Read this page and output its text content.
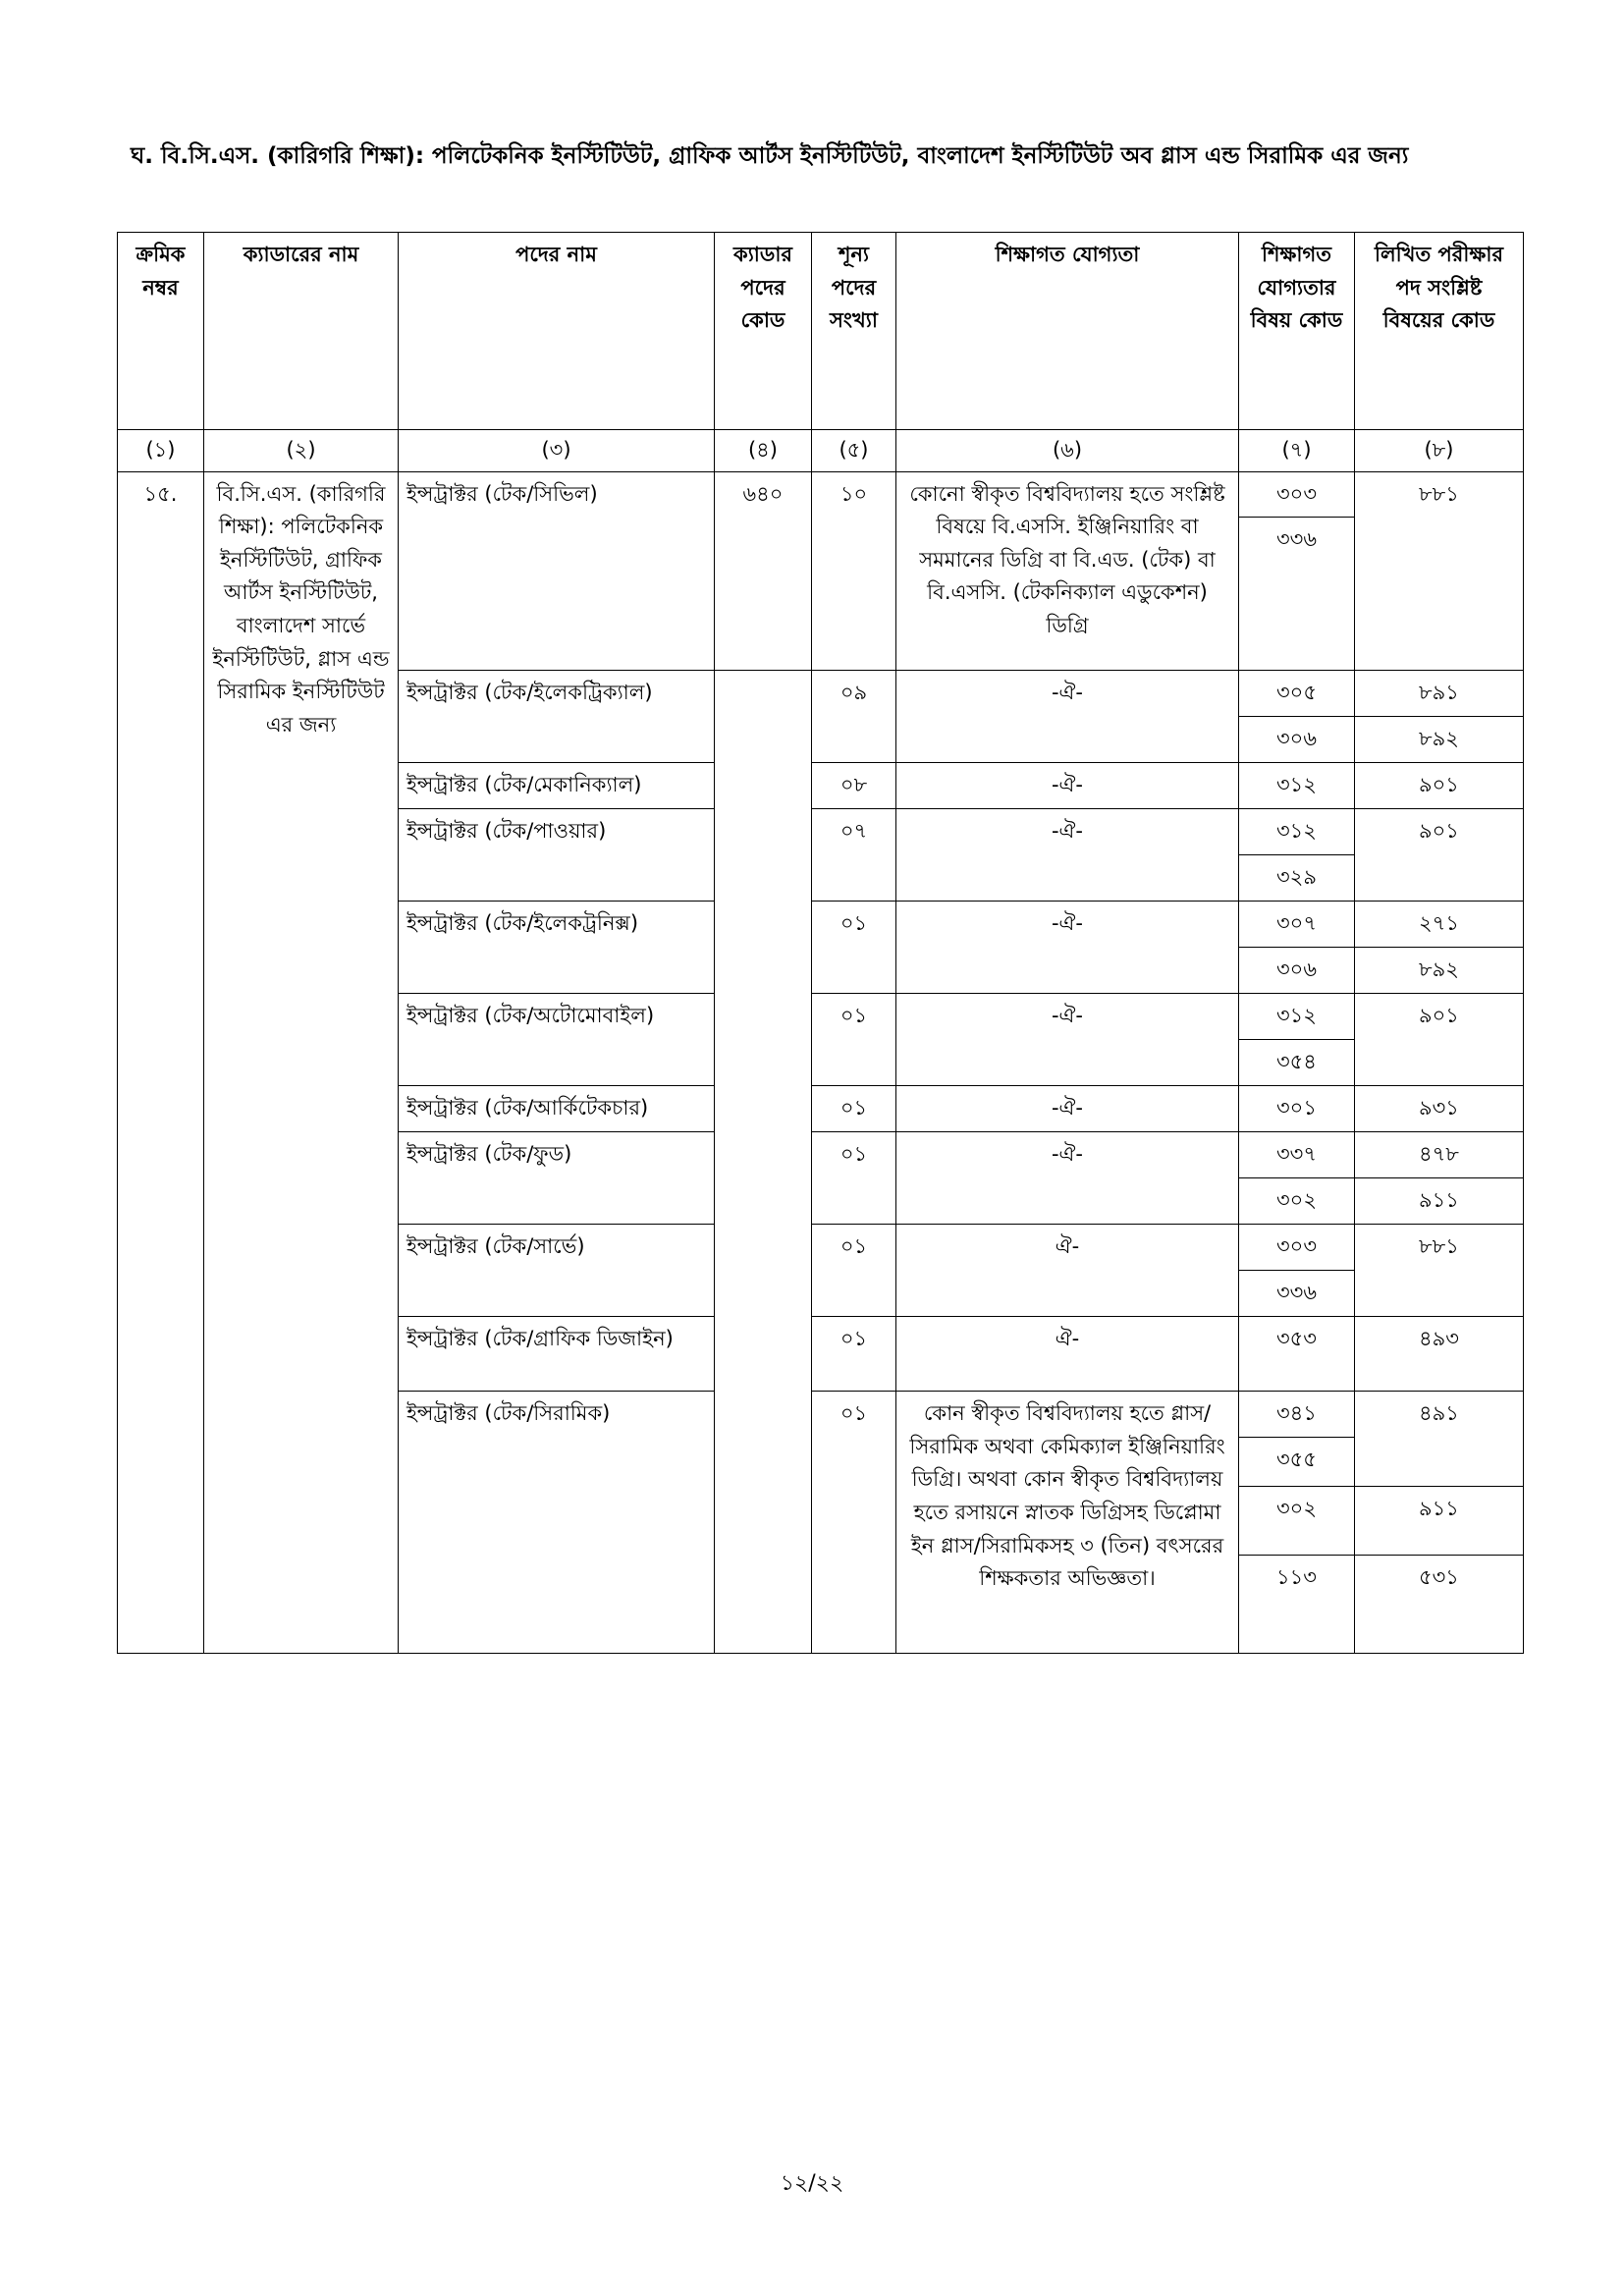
ঘ. বি.সি.এস. (কারিগরি শিক্ষা): পলিটেকনিক ইনস্টিটিউট, গ্রাফিক আর্টস ইনস্টিটিউট, বাংলাদেশ ইনস্টিটিউট অব গ্লাস এন্ড সিরামিক এর জন্য
ক্রমিক নম্বর	ক্যাডারের নাম	পদের নাম	ক্যাডার পদের কোড	শূন্য পদের সংখ্যা	শিক্ষাগত যোগ্যতা	শিক্ষাগত যোগ্যতার বিষয় কোড	লিখিত পরীক্ষার পদ সংশ্লিষ্ট বিষয়ের কোড
(১)	(২)	(৩)	(৪)	(৫)	(৬)	(৭)	(৮)
১৫.	বি.সি.এস. (কারিগরি শিক্ষা): পলিটেকনিক ইনস্টিটিউট, গ্রাফিক আর্টস ইনস্টিটিউট, বাংলাদেশ সার্ভে ইনস্টিটিউট, গ্লাস এন্ড সিরামিক ইনস্টিটিউট এর জন্য	ইন্সট্রাক্টর (টেক/সিভিল)	৬৪০	১০	কোনো স্বীকৃত বিশ্ববিদ্যালয় হতে সংশ্লিষ্ট বিষয়ে বি.এসসি. ইঞ্জিনিয়ারিং বা সমমানের ডিগ্রি বা বি.এড. (টেক) বা বি.এসসি. (টেকনিক্যাল এডুকেশন) ডিগ্রি	৩০৩	৮৮১
						৩৩৬	
		ইন্সট্রাক্টর (টেক/ইলেকট্রিক্যাল)		০৯	-ঐ-	৩০৫	৮৯১
						৩০৬	৮৯২
		ইন্সট্রাক্টর (টেক/মেকানিক্যাল)		০৮	-ঐ-	৩১২	৯০১
		ইন্সট্রাক্টর (টেক/পাওয়ার)		০৭	-ঐ-	৩১২	৯০১
						৩২৯	
		ইন্সট্রাক্টর (টেক/ইলেকট্রনিক্স)		০১	-ঐ-	৩০৭	২৭১
						৩০৬	৮৯২
		ইন্সট্রাক্টর (টেক/অটোমোবাইল)		০১	-ঐ-	৩১২	৯০১
						৩৫৪	
		ইন্সট্রাক্টর (টেক/আর্কিটেকচার)		০১	-ঐ-	৩০১	৯৩১
		ইন্সট্রাক্টর (টেক/ফুড)		০১	-ঐ-	৩৩৭	৪৭৮
						৩০২	৯১১
		ইন্সট্রাক্টর (টেক/সার্ভে)		০১	ঐ-	৩০৩	৮৮১
						৩৩৬	
		ইন্সট্রাক্টর (টেক/গ্রাফিক ডিজাইন)		০১	ঐ-	৩৫৩	৪৯৩
		ইন্সট্রাক্টর (টেক/সিরামিক)		০১	কোন স্বীকৃত বিশ্ববিদ্যালয় হতে গ্লাস/ সিরামিক অথবা কেমিক্যাল ইঞ্জিনিয়ারিং ডিগ্রি। অথবা কোন স্বীকৃত বিশ্ববিদ্যালয় হতে রসায়নে স্নাতক ডিগ্রিসহ ডিপ্লোমা ইন গ্লাস/সিরামিকসহ ৩ (তিন) বৎসরের শিক্ষকতার অভিজ্ঞতা।	৩৪১	৪৯১
						৩৫৫	
						৩০২	৯১১
						১১৩	৫৩১
১২/২২
